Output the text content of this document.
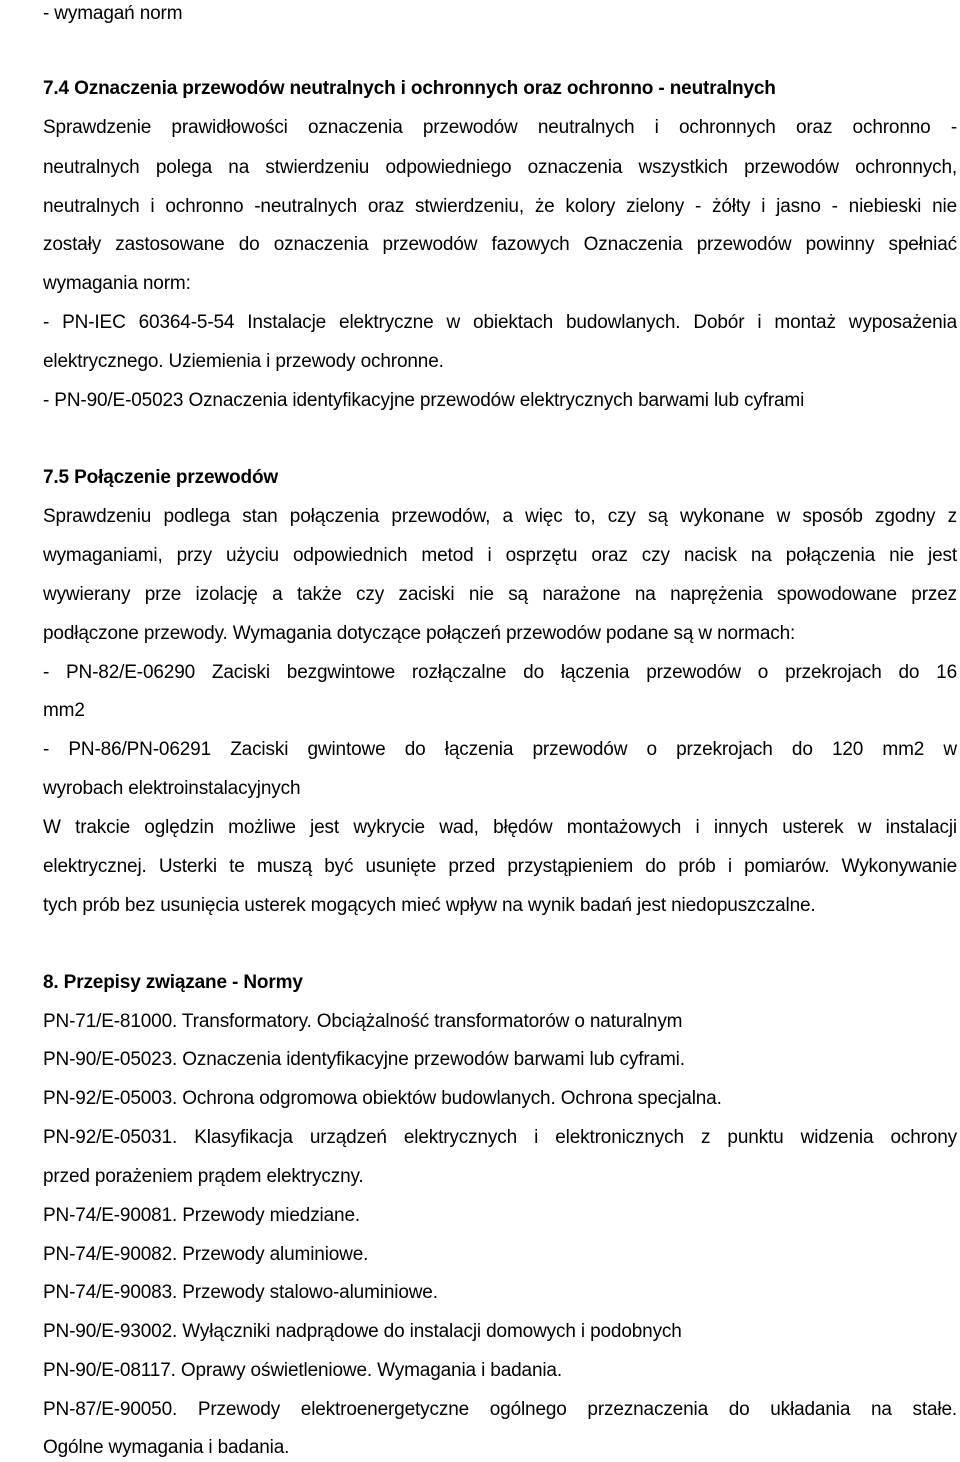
- wymagań norm
7.4 Oznaczenia przewodów neutralnych i ochronnych oraz ochronno - neutralnych
Sprawdzenie prawidłowości oznaczenia przewodów neutralnych i ochronnych oraz ochronno -
neutralnych polega na stwierdzeniu odpowiedniego oznaczenia wszystkich przewodów ochronnych,
neutralnych i ochronno -neutralnych oraz stwierdzeniu, że kolory zielony - żółty i jasno - niebieski nie
zostały zastosowane do oznaczenia przewodów fazowych Oznaczenia przewodów powinny spełniać
wymagania norm:
- PN-IEC 60364-5-54 Instalacje elektryczne w obiektach budowlanych. Dobór i montaż wyposażenia
elektrycznego. Uziemienia i przewody ochronne.
- PN-90/E-05023 Oznaczenia identyfikacyjne przewodów elektrycznych barwami lub cyframi
7.5 Połączenie przewodów
Sprawdzeniu podlega stan połączenia przewodów, a więc to, czy są wykonane w sposób zgodny z
wymaganiami, przy użyciu odpowiednich metod i osprzętu oraz czy nacisk na połączenia nie jest
wywierany prze izolację a także czy zaciski nie są narażone na naprężenia spowodowane przez
podłączone przewody. Wymagania dotyczące połączeń przewodów podane są w normach:
- PN-82/E-06290 Zaciski bezgwintowe rozłączalne do łączenia przewodów o przekrojach do 16
mm2
- PN-86/PN-06291 Zaciski gwintowe do łączenia przewodów o przekrojach do 120 mm2 w
wyrobach elektroinstalacyjnych
W trakcie oględzin możliwe jest wykrycie wad, błędów montażowych i innych usterek w instalacji
elektrycznej. Usterki te muszą być usunięte przed przystąpieniem do prób i pomiarów. Wykonywanie
tych prób bez usunięcia usterek mogących mieć wpływ na wynik badań jest niedopuszczalne.
8. Przepisy związane - Normy
PN-71/E-81000. Transformatory. Obciążalność transformatorów o naturalnym
PN-90/E-05023. Oznaczenia identyfikacyjne przewodów barwami lub cyframi.
PN-92/E-05003. Ochrona odgromowa obiektów budowlanych. Ochrona specjalna.
PN-92/E-05031. Klasyfikacja urządzeń elektrycznych i elektronicznych z punktu widzenia ochrony
przed porażeniem prądem elektryczny.
PN-74/E-90081. Przewody miedziane.
PN-74/E-90082. Przewody aluminiowe.
PN-74/E-90083. Przewody stalowo-aluminiowe.
PN-90/E-93002. Wyłączniki nadprądowe do instalacji domowych i podobnych
PN-90/E-08117. Oprawy oświetleniowe. Wymagania i badania.
PN-87/E-90050. Przewody elektroenergetyczne ogólnego przeznaczenia do układania na stałe.
Ogólne wymagania i badania.
